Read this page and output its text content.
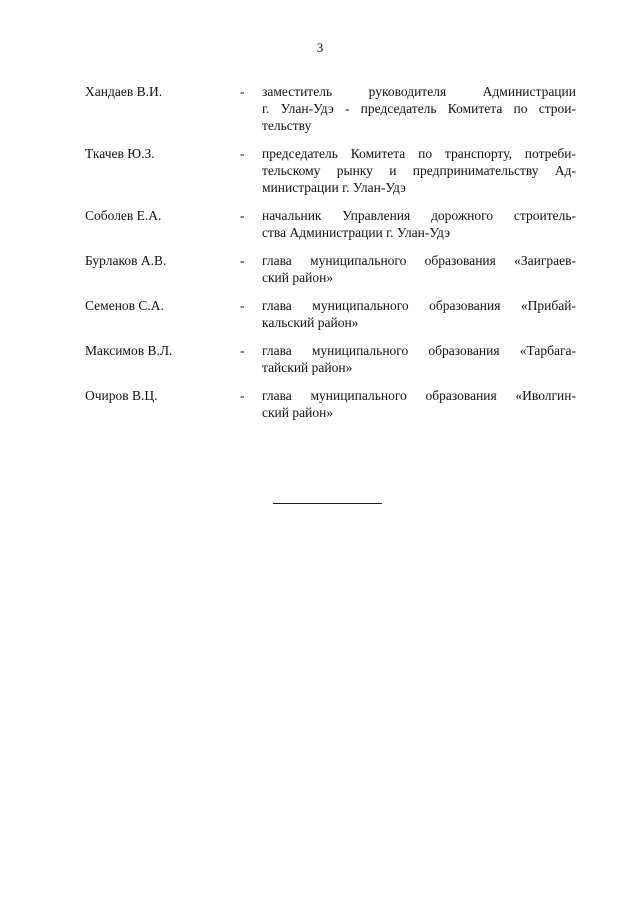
3
Хандаев В.И.	- заместитель руководителя Администрации
г. Улан-Удэ - председатель Комитета по строи-
тельству
Ткачев Ю.З.	- председатель Комитета по транспорту, потреби-
тельскому рынку и предпринимательству Ад-
министрации г. Улан-Удэ
Соболев Е.А.	- начальник Управления дорожного строитель-
ства Администрации г. Улан-Удэ
Бурлаков А.В.	- глава муниципального образования «Заиграев-
ский район»
Семенов С.А.	- глава муниципального образования «Прибай-
кальский район»
Максимов В.Л.	- глава муниципального образования «Тарбага-
тайский район»
Очиров В.Ц.	- глава муниципального образования «Иволгин-
ский район»
